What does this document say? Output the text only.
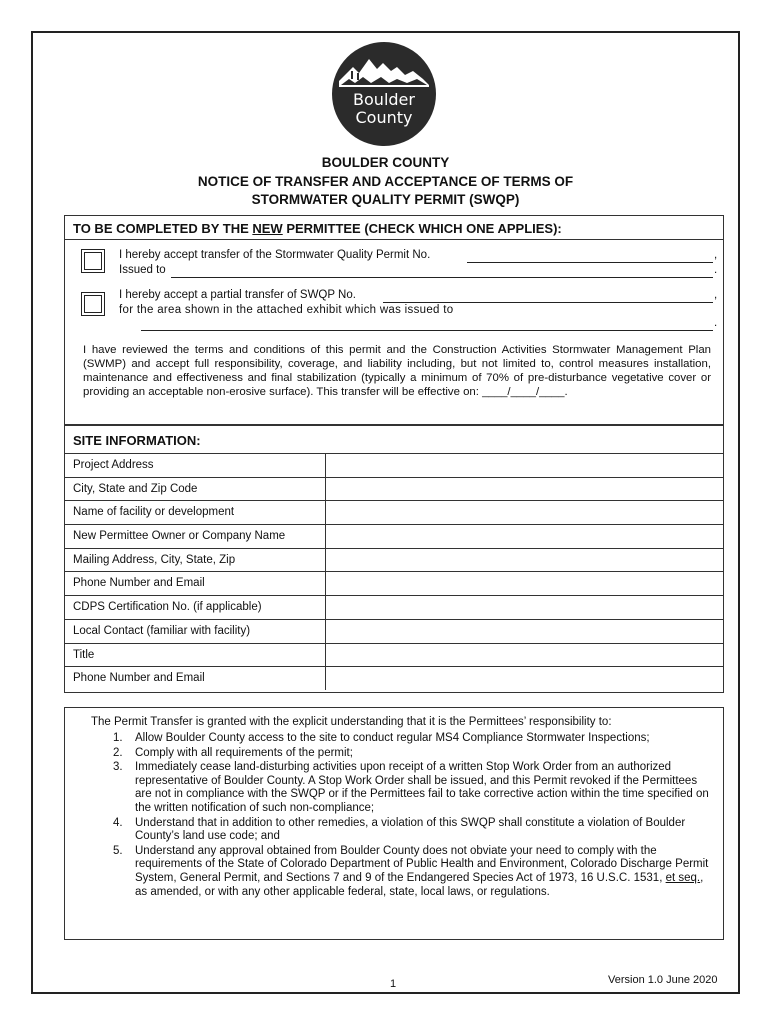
Boulder
County
BOULDER COUNTY
NOTICE OF TRANSFER AND ACCEPTANCE OF TERMS OF
STORMWATER QUALITY PERMIT (SWQP)
TO BE COMPLETED BY THE NEW PERMITTEE (CHECK WHICH ONE APPLIES):
I hereby accept transfer of the Stormwater Quality Permit No.	,
Issued to	.
I hereby accept a partial transfer of SWQP No.	,
for the area shown in the attached exhibit which was issued to
.
I have reviewed the terms and conditions of this permit and the Construction Activities Stormwater Management Plan (SWMP) and accept full responsibility, coverage, and liability including, but not limited to, control measures installation, maintenance and effectiveness and final stabilization (typically a minimum of 70% of pre-disturbance vegetative cover or providing an acceptable non-erosive surface). This transfer will be effective on: ____/____/____.
SITE INFORMATION:
Project Address
City, State and Zip Code
Name of facility or development
New Permittee Owner or Company Name
Mailing Address, City, State, Zip
Phone Number and Email
CDPS Certification No. (if applicable)
Local Contact (familiar with facility)
Title
Phone Number and Email
The Permit Transfer is granted with the explicit understanding that it is the Permittees’ responsibility to:
1. Allow Boulder County access to the site to conduct regular MS4 Compliance Stormwater Inspections;
2. Comply with all requirements of the permit;
3. Immediately cease land-disturbing activities upon receipt of a written Stop Work Order from an authorized representative of Boulder County. A Stop Work Order shall be issued, and this Permit revoked if the Permittees are not in compliance with the SWQP or if the Permittees fail to take corrective action within the time specified on the written notification of such non-compliance;
4. Understand that in addition to other remedies, a violation of this SWQP shall constitute a violation of Boulder County’s land use code; and
5. Understand any approval obtained from Boulder County does not obviate your need to comply with the requirements of the State of Colorado Department of Public Health and Environment, Colorado Discharge Permit System, General Permit, and Sections 7 and 9 of the Endangered Species Act of 1973, 16 U.S.C. 1531, et seq., as amended, or with any other applicable federal, state, local laws, or regulations.
1	Version 1.0 June 2020
